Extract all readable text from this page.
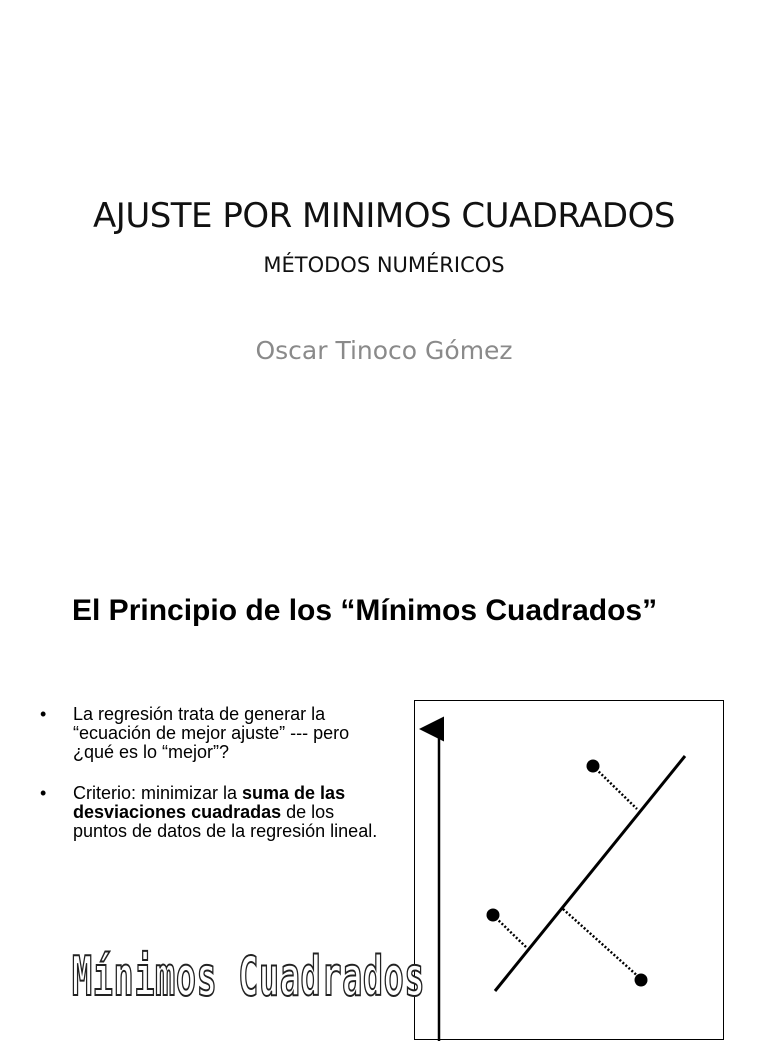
AJUSTE POR MINIMOS CUADRADOS
MÉTODOS NUMÉRICOS
Oscar Tinoco Gómez
El Principio de los “Mínimos Cuadrados”
• La regresión trata de generar la “ecuación de mejor ajuste” --- pero ¿qué es lo “mejor”?
• Criterio: minimizar la suma de las desviaciones cuadradas de los puntos de datos de la regresión lineal.
Mínimos Cuadrados
